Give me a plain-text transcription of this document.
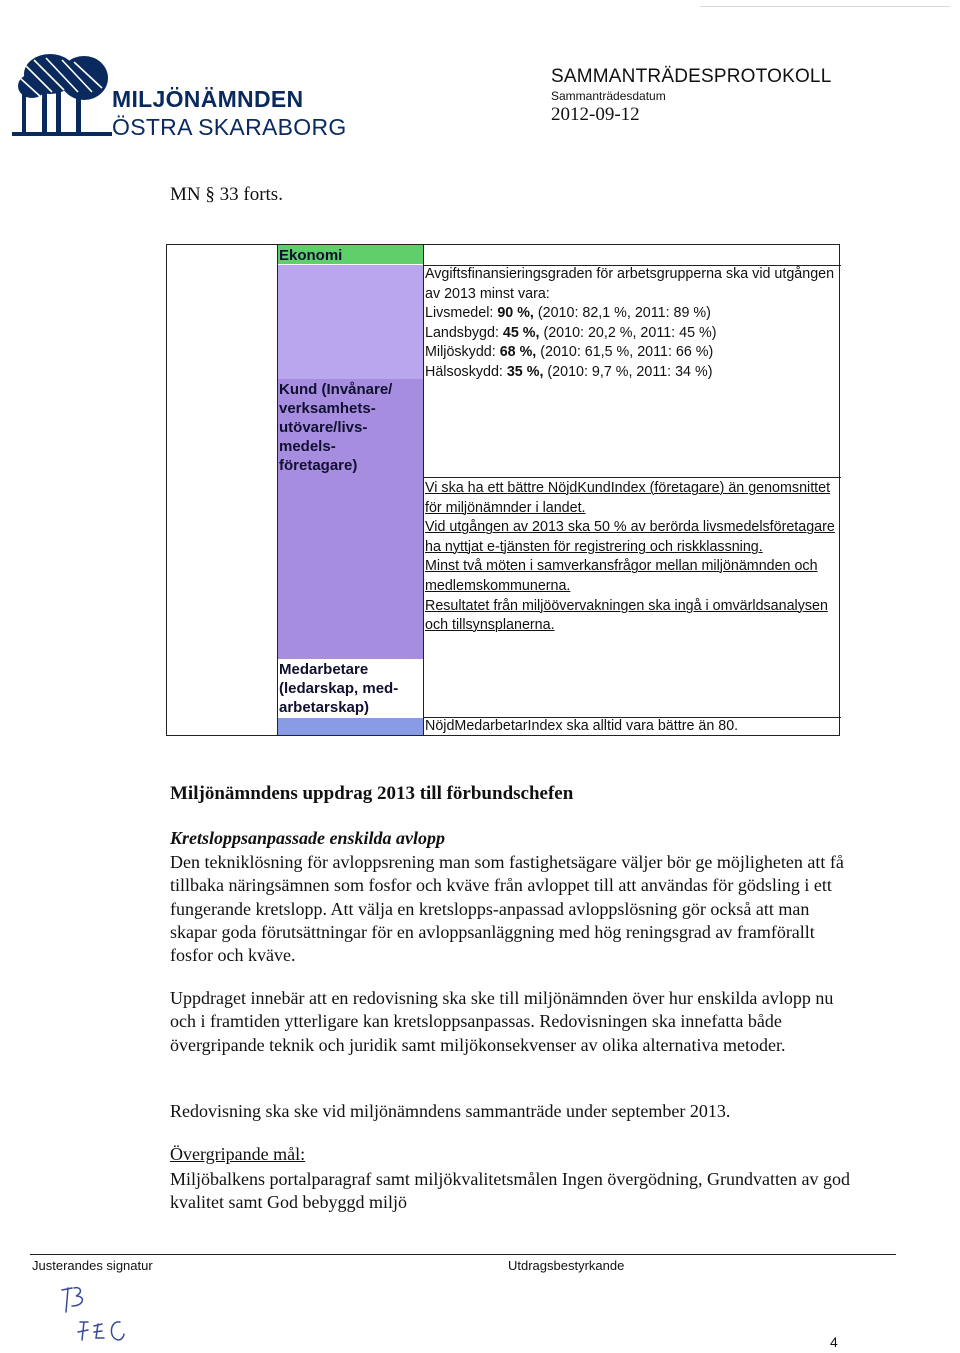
MILJÖNÄMNDEN
ÖSTRA SKARABORG
SAMMANTRÄDESPROTOKOLL
Sammanträdesdatum
2012-09-12
MN § 33 forts.
Ekonomi
Kund (Invånare/ verksamhets-utövare/livs-medels-företagare)
Medarbetare (ledarskap, med-arbetarskap)
Avgiftsfinansieringsgraden för arbetsgrupperna ska vid utgången av 2013 minst vara:
Livsmedel: 90 %, (2010: 82,1 %, 2011: 89 %)
Landsbygd: 45 %, (2010: 20,2 %, 2011: 45 %)
Miljöskydd: 68 %, (2010: 61,5 %, 2011: 66 %)
Hälsoskydd: 35 %, (2010: 9,7 %, 2011: 34 %)
Vi ska ha ett bättre NöjdKundIndex (företagare) än genomsnittet för miljönämnder i landet.
Vid utgången av 2013 ska 50 % av berörda livsmedelsföretagare ha nyttjat e-tjänsten för registrering och riskklassning.
Minst två möten i samverkansfrågor mellan miljönämnden och medlemskommunerna.
Resultatet från miljöövervakningen ska ingå i omvärldsanalysen och tillsynsplanerna.
NöjdMedarbetarIndex ska alltid vara bättre än 80.
Miljönämndens uppdrag 2013 till förbundschefen
Kretsloppsanpassade enskilda avlopp
Den tekniklösning för avloppsrening man som fastighetsägare väljer bör ge möjligheten att få tillbaka näringsämnen som fosfor och kväve från avloppet till att användas för gödsling i ett fungerande kretslopp. Att välja en kretslopps-anpassad avloppslösning gör också att man skapar goda förutsättningar för en avloppsanläggning med hög reningsgrad av framförallt fosfor och kväve.
Uppdraget innebär att en redovisning ska ske till miljönämnden över hur enskilda avlopp nu och i framtiden ytterligare kan kretsloppsanpassas. Redovisningen ska innefatta både övergripande teknik och juridik samt miljökonsekvenser av olika alternativa metoder.
Redovisning ska ske vid miljönämndens sammanträde under september 2013.
Övergripande mål:
Miljöbalkens portalparagraf samt miljökvalitetsmålen Ingen övergödning, Grundvatten av god kvalitet samt God bebyggd miljö
Justerandes signatur	Utdragsbestyrkande
4
